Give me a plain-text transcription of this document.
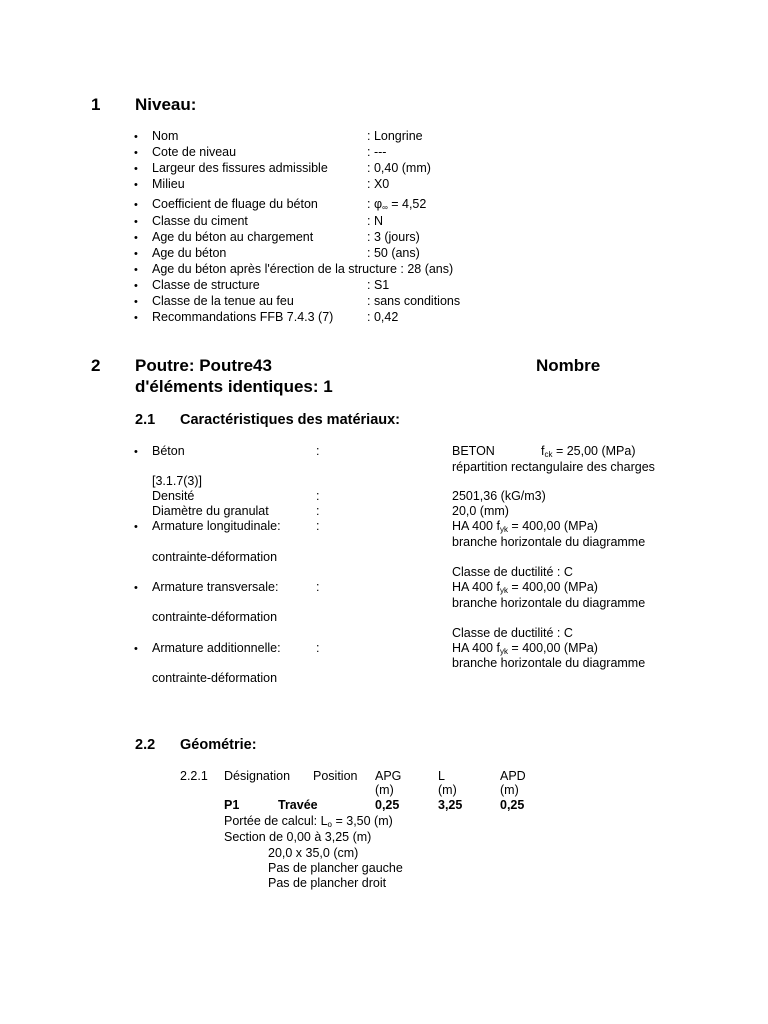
1 Niveau:
• Nom	: Longrine
• Cote de niveau	: ---
• Largeur des fissures admissible	: 0,40 (mm)
• Milieu	: X0
• Coefficient de fluage du béton	: $\varphi_\infty = 4,52$
• Classe du ciment	: N
• Age du béton au chargement	: 3 (jours)
• Age du béton	: 50 (ans)
• Age du béton après l'érection de la structure : 28 (ans)
• Classe de structure	: S1
• Classe de la tenue au feu	: sans conditions
• Recommandations FFB 7.4.3 (7)	: 0,42
2 Poutre: Poutre43	Nombre
d'éléments identiques: 1
2.1 Caractéristiques des matériaux:
• Béton	:	BETON	$f_{ck} = 25,00$ (MPa)
répartition rectangulaire des charges
[3.1.7(3)]
Densité	:	2501,36 (kG/m3)
Diamètre du granulat	:	20,0 (mm)
• Armature longitudinale:	:	HA 400 $f_{yk} = 400,00$ (MPa)
branche horizontale du diagramme
contrainte-déformation
Classe de ductilité : C
• Armature transversale:	:	HA 400 $f_{yk} = 400,00$ (MPa)
branche horizontale du diagramme
contrainte-déformation
Classe de ductilité : C
• Armature additionnelle:	:	HA 400 $f_{yk} = 400,00$ (MPa)
branche horizontale du diagramme
contrainte-déformation
2.2 Géométrie:
2.2.1 Désignation Position APG	L	APD
(m)	(m)	(m)
P1	Travée	0,25	3,25	0,25
Portée de calcul: $L_o = 3,50$ (m)
Section de 0,00 à 3,25 (m)
20,0 x 35,0 (cm)
Pas de plancher gauche
Pas de plancher droit
